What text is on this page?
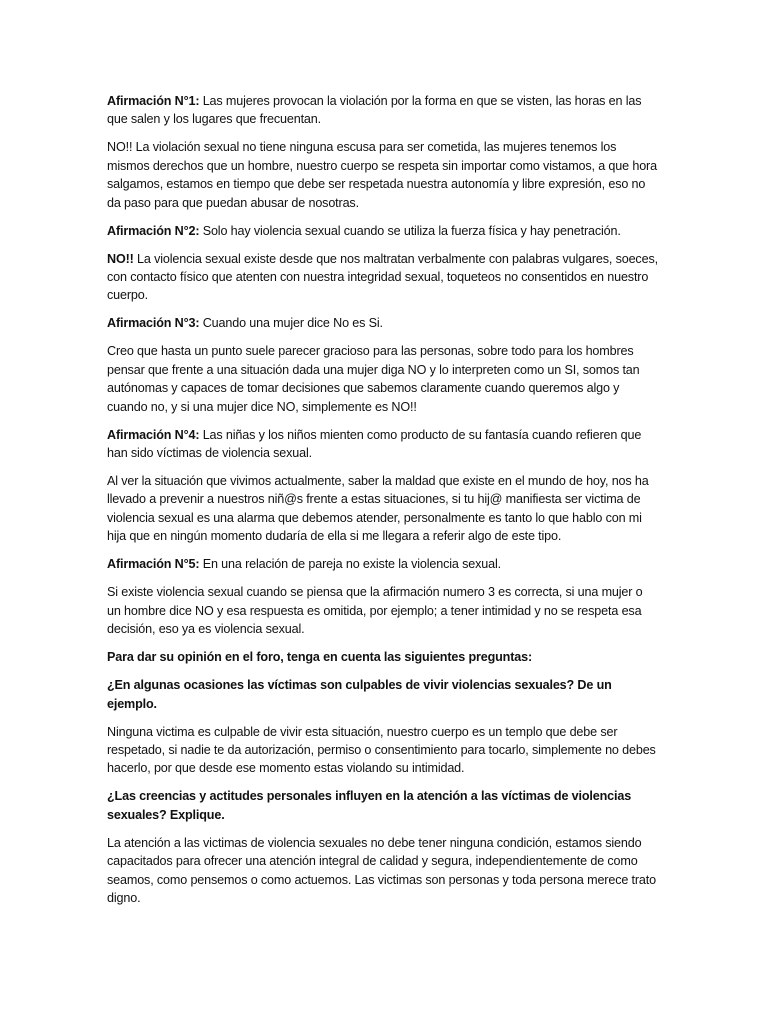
Afirmación N°1: Las mujeres provocan la violación por la forma en que se visten, las horas en las que salen y los lugares que frecuentan.

NO!! La violación sexual no tiene ninguna escusa para ser cometida, las mujeres tenemos los mismos derechos que un hombre, nuestro cuerpo se respeta sin importar como vistamos, a que hora salgamos, estamos en tiempo que debe ser respetada nuestra autonomía y libre expresión, eso no da paso para que puedan abusar de nosotras.

Afirmación N°2: Solo hay violencia sexual cuando se utiliza la fuerza física y hay penetración.

NO!! La violencia sexual existe desde que nos maltratan verbalmente con palabras vulgares, soeces, con contacto físico que atenten con nuestra integridad sexual, toqueteos no consentidos en nuestro cuerpo.

Afirmación N°3: Cuando una mujer dice No es Si.

Creo que hasta un punto suele parecer gracioso para las personas, sobre todo para los hombres pensar que frente a una situación dada una mujer diga NO y lo interpreten como un SI, somos tan autónomas y capaces de tomar decisiones que sabemos claramente cuando queremos algo y cuando no, y si una mujer dice NO, simplemente es NO!!

Afirmación N°4: Las niñas y los niños mienten como producto de su fantasía cuando refieren que han sido víctimas de violencia sexual.

Al ver la situación que vivimos actualmente, saber la maldad que existe en el mundo de hoy, nos ha llevado a prevenir a nuestros niñ@s frente a estas situaciones, si tu hij@ manifiesta ser victima de violencia sexual es una alarma que debemos atender, personalmente es tanto lo que hablo con mi hija que en ningún momento dudaría de ella si me llegara a referir algo de este tipo.

Afirmación N°5: En una relación de pareja no existe la violencia sexual.

Si existe violencia sexual cuando se piensa que la afirmación numero 3 es correcta, si una mujer o un hombre dice NO y esa respuesta es omitida, por ejemplo; a tener intimidad y no se respeta esa decisión, eso ya es violencia sexual.

Para dar su opinión en el foro, tenga en cuenta las siguientes preguntas:

¿En algunas ocasiones las víctimas son culpables de vivir violencias sexuales? De un ejemplo.

Ninguna victima es culpable de vivir esta situación, nuestro cuerpo es un templo que debe ser respetado, si nadie te da autorización, permiso o consentimiento para tocarlo, simplemente no debes hacerlo, por que desde ese momento estas violando su intimidad.

¿Las creencias y actitudes personales influyen en la atención a las víctimas de violencias sexuales? Explique.

La atención a las victimas de violencia sexuales no debe tener ninguna condición, estamos siendo capacitados para ofrecer una atención integral de calidad y segura, independientemente de como seamos, como pensemos o como actuemos. Las victimas son personas y toda persona merece trato digno.
